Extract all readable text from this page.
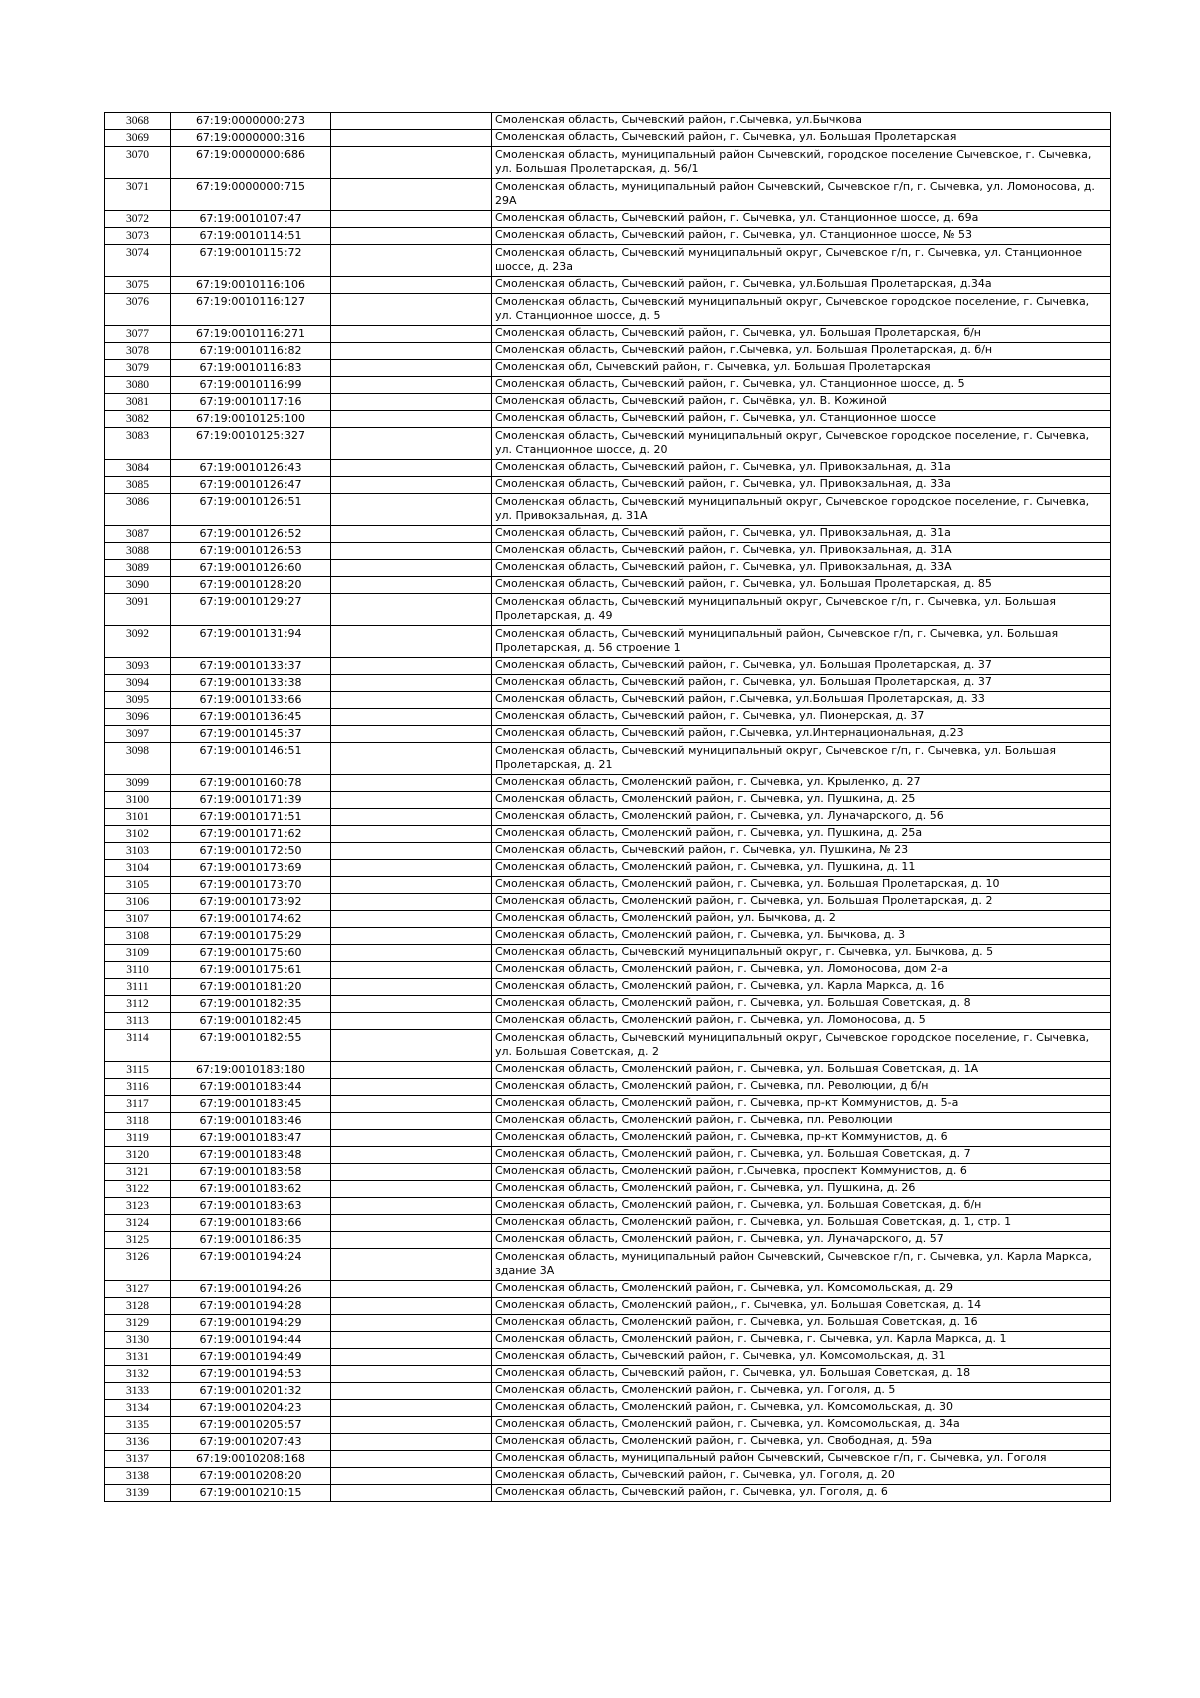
3068	67:19:0000000:273		Смоленская область, Сычевский район, г.Сычевка, ул.Бычкова
3069	67:19:0000000:316		Смоленская область, Сычевский район, г. Сычевка, ул. Большая Пролетарская
3070	67:19:0000000:686		Смоленская область, муниципальный район Сычевский, городское поселение Сычевское, г. Сычевка, ул. Большая Пролетарская, д. 56/1
3071	67:19:0000000:715		Смоленская область, муниципальный район Сычевский, Сычевское г/п, г. Сычевка, ул. Ломоносова, д. 29А
3072	67:19:0010107:47		Смоленская область, Сычевский район, г. Сычевка, ул. Станционное шоссе, д. 69а
3073	67:19:0010114:51		Смоленская область, Сычевский район, г. Сычевка, ул. Станционное шоссе, № 53
3074	67:19:0010115:72		Смоленская область, Сычевский муниципальный округ, Сычевское г/п, г. Сычевка, ул. Станционное шоссе, д. 23а
3075	67:19:0010116:106		Смоленская область, Сычевский район, г. Сычевка, ул.Большая Пролетарская, д.34а
3076	67:19:0010116:127		Смоленская область, Сычевский муниципальный округ, Сычевское городское поселение, г. Сычевка, ул. Станционное шоссе, д. 5
3077	67:19:0010116:271		Смоленская область, Сычевский район, г. Сычевка, ул. Большая Пролетарская, б/н
3078	67:19:0010116:82		Смоленская область, Сычевский район, г.Сычевка, ул. Большая Пролетарская, д. б/н
3079	67:19:0010116:83		Смоленская обл, Сычевский район, г. Сычевка, ул. Большая Пролетарская
3080	67:19:0010116:99		Смоленская область, Сычевский район, г. Сычевка, ул. Станционное шоссе, д. 5
3081	67:19:0010117:16		Смоленская область, Сычевский район, г. Сычёвка, ул. В. Кожиной
3082	67:19:0010125:100		Смоленская область, Сычевский район, г. Сычевка, ул. Станционное шоссе
3083	67:19:0010125:327		Смоленская область, Сычевский муниципальный округ, Сычевское городское поселение, г. Сычевка, ул. Станционное шоссе, д. 20
3084	67:19:0010126:43		Смоленская область, Сычевский район, г. Сычевка, ул. Привокзальная, д. 31а
3085	67:19:0010126:47		Смоленская область, Сычевский район, г. Сычевка, ул. Привокзальная, д. 33а
3086	67:19:0010126:51		Смоленская область, Сычевский муниципальный округ, Сычевское городское поселение, г. Сычевка, ул. Привокзальная, д. 31А
3087	67:19:0010126:52		Смоленская область, Сычевский район, г. Сычевка, ул. Привокзальная, д. 31а
3088	67:19:0010126:53		Смоленская область, Сычевский район, г. Сычевка, ул. Привокзальная, д. 31А
3089	67:19:0010126:60		Смоленская область, Сычевский район, г. Сычевка, ул. Привокзальная, д. 33А
3090	67:19:0010128:20		Смоленская область, Сычевский район, г. Сычевка, ул. Большая Пролетарская, д. 85
3091	67:19:0010129:27		Смоленская область, Сычевский муниципальный округ, Сычевское г/п, г. Сычевка, ул. Большая Пролетарская, д. 49
3092	67:19:0010131:94		Смоленская область, Сычевский муниципальный район, Сычевское г/п, г. Сычевка, ул. Большая Пролетарская, д. 56 строение 1
3093	67:19:0010133:37		Смоленская область, Сычевский район, г. Сычевка, ул. Большая Пролетарская, д. 37
3094	67:19:0010133:38		Смоленская область, Сычевский район, г. Сычевка, ул. Большая Пролетарская, д. 37
3095	67:19:0010133:66		Смоленская область, Сычевский район, г.Сычевка, ул.Большая Пролетарская, д. 33
3096	67:19:0010136:45		Смоленская область, Сычевский район, г. Сычевка, ул. Пионерская, д. 37
3097	67:19:0010145:37		Смоленская область, Сычевский район, г.Сычевка, ул.Интернациональная, д.23
3098	67:19:0010146:51		Смоленская область, Сычевский муниципальный округ, Сычевское г/п, г. Сычевка, ул. Большая Пролетарская, д. 21
3099	67:19:0010160:78		Смоленская область, Смоленский район, г. Сычевка, ул. Крыленко, д. 27
3100	67:19:0010171:39		Смоленская область, Смоленский район, г. Сычевка, ул. Пушкина, д. 25
3101	67:19:0010171:51		Смоленская область, Смоленский район, г. Сычевка, ул. Луначарского, д. 56
3102	67:19:0010171:62		Смоленская область, Смоленский район, г. Сычевка, ул. Пушкина, д. 25а
3103	67:19:0010172:50		Смоленская область, Сычевский район, г. Сычевка, ул. Пушкина, № 23
3104	67:19:0010173:69		Смоленская область, Смоленский район, г. Сычевка, ул. Пушкина, д. 11
3105	67:19:0010173:70		Смоленская область, Смоленский район, г. Сычевка, ул. Большая Пролетарская, д. 10
3106	67:19:0010173:92		Смоленская область, Смоленский район, г. Сычевка, ул. Большая Пролетарская, д. 2
3107	67:19:0010174:62		Смоленская область, Смоленский район, ул. Бычкова, д. 2
3108	67:19:0010175:29		Смоленская область, Смоленский район, г. Сычевка, ул. Бычкова, д. 3
3109	67:19:0010175:60		Смоленская область, Сычевский муниципальный округ, г. Сычевка, ул. Бычкова, д. 5
3110	67:19:0010175:61		Смоленская область, Смоленский район, г. Сычевка, ул. Ломоносова, дом 2-а
3111	67:19:0010181:20		Смоленская область, Смоленский район, г. Сычевка, ул. Карла Маркса, д. 16
3112	67:19:0010182:35		Смоленская область, Смоленский район, г. Сычевка, ул. Большая Советская, д. 8
3113	67:19:0010182:45		Смоленская область, Смоленский район, г. Сычевка, ул. Ломоносова, д. 5
3114	67:19:0010182:55		Смоленская область, Сычевский муниципальный округ, Сычевское городское поселение, г. Сычевка, ул. Большая Советская, д. 2
3115	67:19:0010183:180		Смоленская область, Смоленский район, г. Сычевка, ул. Большая Советская, д. 1А
3116	67:19:0010183:44		Смоленская область, Смоленский район, г. Сычевка, пл. Революции, д б/н
3117	67:19:0010183:45		Смоленская область, Смоленский район, г. Сычевка, пр-кт Коммунистов, д. 5-а
3118	67:19:0010183:46		Смоленская область, Смоленский район, г. Сычевка, пл. Революции
3119	67:19:0010183:47		Смоленская область, Смоленский район, г. Сычевка, пр-кт Коммунистов, д. 6
3120	67:19:0010183:48		Смоленская область, Смоленский район, г. Сычевка, ул. Большая Советская, д. 7
3121	67:19:0010183:58		Смоленская область, Смоленский район, г.Сычевка, проспект Коммунистов, д. 6
3122	67:19:0010183:62		Смоленская область, Смоленский район, г. Сычевка, ул. Пушкина, д. 26
3123	67:19:0010183:63		Смоленская область, Смоленский район, г. Сычевка, ул. Большая Советская, д. б/н
3124	67:19:0010183:66		Смоленская область, Смоленский район, г. Сычевка, ул. Большая Советская, д. 1, стр. 1
3125	67:19:0010186:35		Смоленская область, Смоленский район, г. Сычевка, ул. Луначарского, д. 57
3126	67:19:0010194:24		Смоленская область, муниципальный район Сычевский, Сычевское г/п, г. Сычевка, ул. Карла Маркса, здание 3А
3127	67:19:0010194:26		Смоленская область, Смоленский район, г. Сычевка, ул. Комсомольская, д. 29
3128	67:19:0010194:28		Смоленская область, Смоленский район,, г. Сычевка, ул. Большая Советская, д. 14
3129	67:19:0010194:29		Смоленская область, Смоленский район, г. Сычевка, ул. Большая Советская, д. 16
3130	67:19:0010194:44		Смоленская область, Смоленский район, г. Сычевка, г. Сычевка, ул. Карла Маркса, д. 1
3131	67:19:0010194:49		Смоленская область, Сычевский район, г. Сычевка, ул. Комсомольская, д. 31
3132	67:19:0010194:53		Смоленская область, Сычевский район, г. Сычевка, ул. Большая Советская, д. 18
3133	67:19:0010201:32		Смоленская область, Смоленский район, г. Сычевка, ул. Гоголя, д. 5
3134	67:19:0010204:23		Смоленская область, Смоленский район, г. Сычевка, ул. Комсомольская, д. 30
3135	67:19:0010205:57		Смоленская область, Смоленский район, г. Сычевка, ул. Комсомольская, д. 34а
3136	67:19:0010207:43		Смоленская область, Смоленский район, г. Сычевка, ул. Свободная, д. 59а
3137	67:19:0010208:168		Смоленская область, муниципальный район Сычевский, Сычевское г/п, г. Сычевка, ул. Гоголя
3138	67:19:0010208:20		Смоленская область, Сычевский район, г. Сычевка, ул. Гоголя, д. 20
3139	67:19:0010210:15		Смоленская область, Сычевский район, г. Сычевка, ул. Гоголя, д. 6
